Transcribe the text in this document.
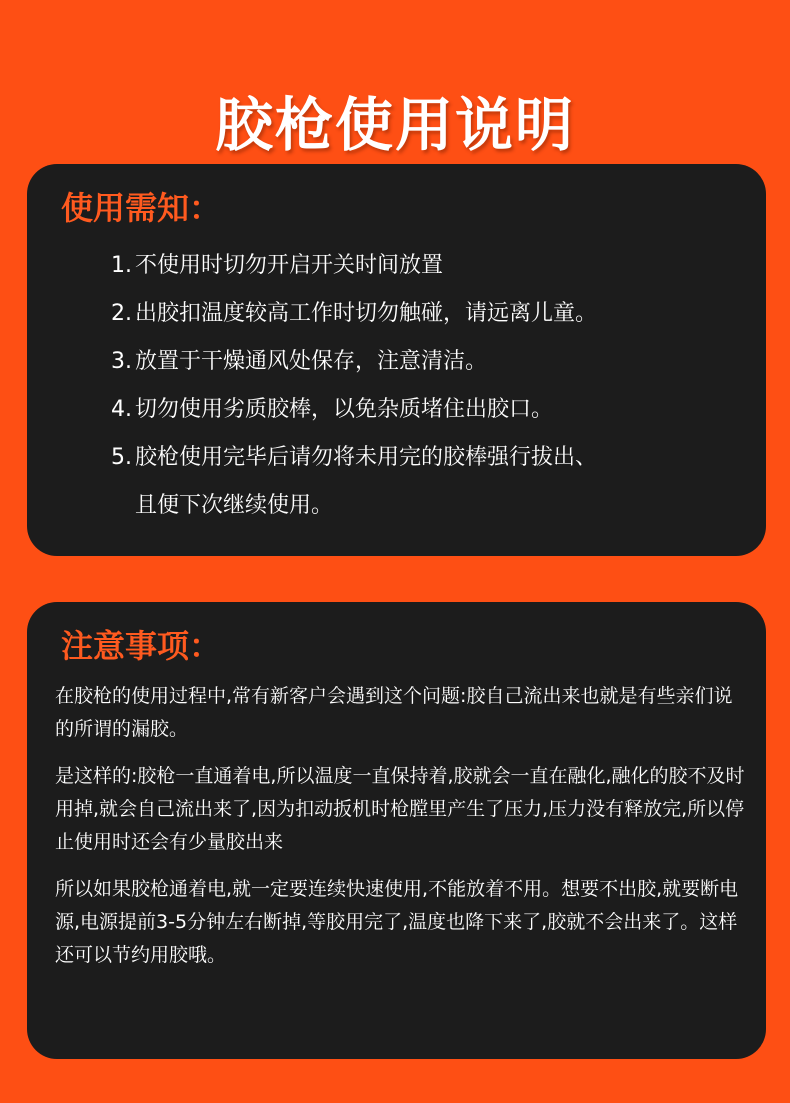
胶枪使用说明
使用需知：
1. 不使用时切勿开启开关时间放置
2. 出胶扣温度较高工作时切勿触碰，请远离儿童。
3. 放置于干燥通风处保存，注意清洁。
4. 切勿使用劣质胶棒，以免杂质堵住出胶口。
5. 胶枪使用完毕后请勿将未用完的胶棒强行拔出、
且便下次继续使用。
注意事项：

在胶枪的使用过程中,常有新客户会遇到这个问题:胶自己流出来也就是有些亲们说的所谓的漏胶。

是这样的:胶枪一直通着电,所以温度一直保持着,胶就会一直在融化,融化的胶不及时用掉,就会自己流出来了,因为扣动扳机时枪膛里产生了压力,压力没有释放完,所以停止使用时还会有少量胶出来

所以如果胶枪通着电,就一定要连续快速使用,不能放着不用。想要不出胶,就要断电源,电源提前3-5分钟左右断掉,等胶用完了,温度也降下来了,胶就不会出来了。这样还可以节约用胶哦。
